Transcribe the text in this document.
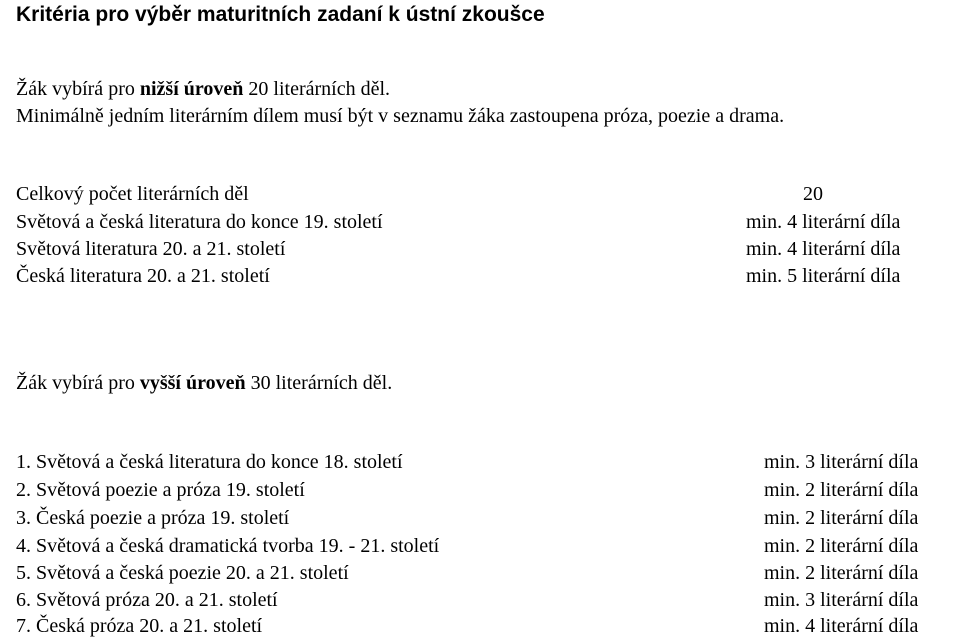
Kritéria pro výběr maturitních zadaní k ústní zkoušce
Žák vybírá pro nižší úroveň 20 literárních děl.
Minimálně jedním literárním dílem musí být v seznamu žáka zastoupena próza, poezie a drama.
Celkový počet literárních děl	20
Světová a česká literatura do konce 19. století	min. 4 literární díla
Světová literatura 20. a 21. století	min. 4 literární díla
Česká literatura 20. a 21. století	min. 5 literární díla
Žák vybírá pro vyšší úroveň 30 literárních děl.
1. Světová a česká literatura do konce 18. století	min. 3 literární díla
2. Světová poezie a próza 19. století	min. 2 literární díla
3. Česká poezie a próza 19. století	min. 2 literární díla
4. Světová a česká dramatická tvorba 19. - 21. století	min. 2 literární díla
5. Světová a česká poezie 20. a 21. století	min. 2 literární díla
6. Světová próza 20. a 21. století	min. 3 literární díla
7. Česká próza 20. a 21. století	min. 4 literární díla
